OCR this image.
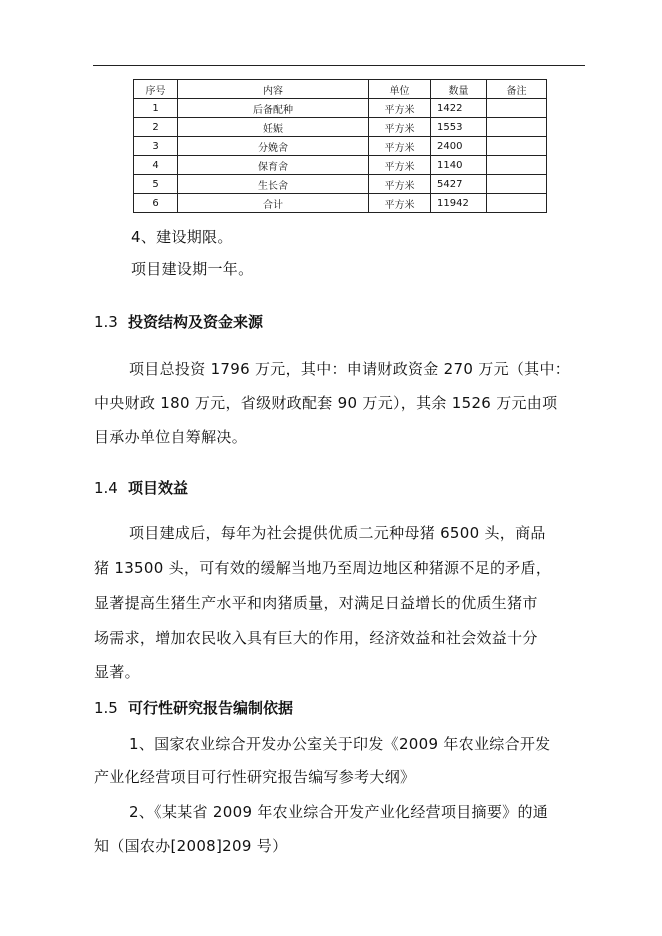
序号	内容	单位	数量	备注
1	后备配种	平方米	1422	
2	妊娠	平方米	1553	
3	分娩舍	平方米	2400	
4	保育舍	平方米	1140	
5	生长舍	平方米	5427	
6	合计	平方米	11942	
4、建设期限。
项目建设期一年。
1.3 投资结构及资金来源
项目总投资 1796 万元，其中：申请财政资金 270 万元（其中：
中央财政 180 万元，省级财政配套 90 万元），其余 1526 万元由项
目承办单位自筹解决。
1.4 项目效益
项目建成后，每年为社会提供优质二元种母猪 6500 头，商品
猪 13500 头，可有效的缓解当地乃至周边地区种猪源不足的矛盾，
显著提高生猪生产水平和肉猪质量，对满足日益增长的优质生猪市
场需求，增加农民收入具有巨大的作用，经济效益和社会效益十分
显著。
1.5 可行性研究报告编制依据
1、国家农业综合开发办公室关于印发《2009 年农业综合开发
产业化经营项目可行性研究报告编写参考大纲》
2、《某某省 2009 年农业综合开发产业化经营项目摘要》的通
知（国农办[2008]209 号）
